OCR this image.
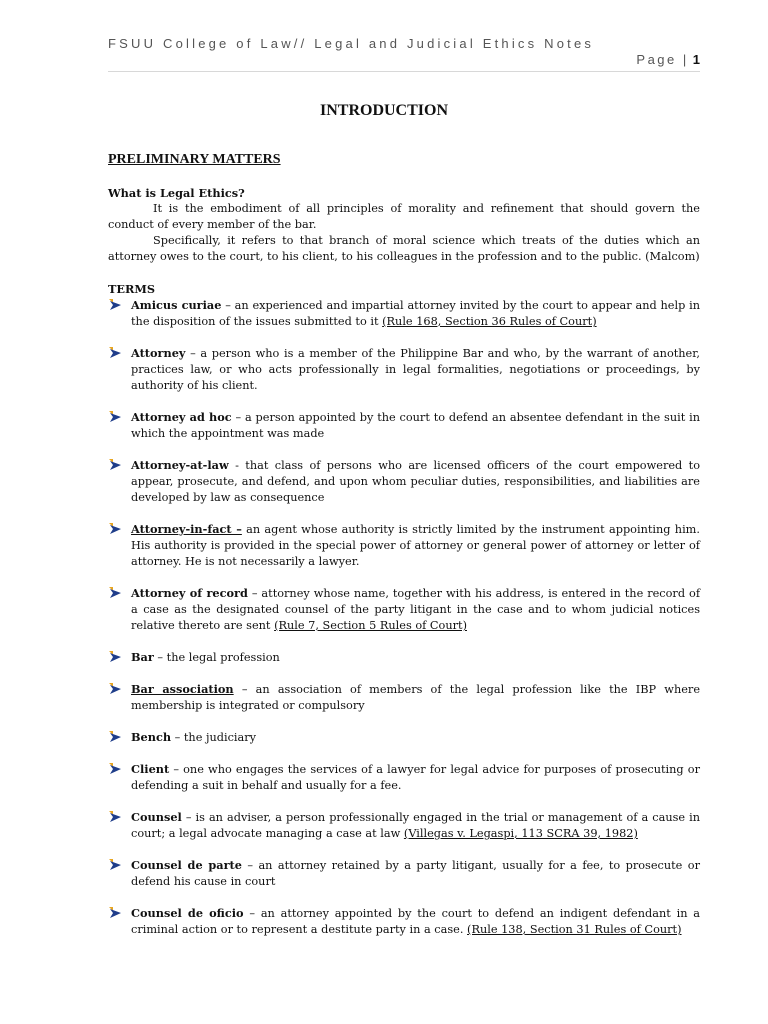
FSUU College of Law// Legal and Judicial Ethics Notes
Page | 1
INTRODUCTION
PRELIMINARY MATTERS

What is Legal Ethics?

It is the embodiment of all principles of morality and refinement that should govern the conduct of every member of the bar.

Specifically, it refers to that branch of moral science which treats of the duties which an attorney owes to the court, to his client, to his colleagues in the profession and to the public. (Malcom)

TERMS

Amicus curiae – an experienced and impartial attorney invited by the court to appear and help in the disposition of the issues submitted to it (Rule 168, Section 36 Rules of Court)
Attorney – a person who is a member of the Philippine Bar and who, by the warrant of another, practices law, or who acts professionally in legal formalities, negotiations or proceedings, by authority of his client.
Attorney ad hoc – a person appointed by the court to defend an absentee defendant in the suit in which the appointment was made
Attorney-at-law - that class of persons who are licensed officers of the court empowered to appear, prosecute, and defend, and upon whom peculiar duties, responsibilities, and liabilities are developed by law as consequence
Attorney-in-fact – an agent whose authority is strictly limited by the instrument appointing him. His authority is provided in the special power of attorney or general power of attorney or letter of attorney. He is not necessarily a lawyer.
Attorney of record – attorney whose name, together with his address, is entered in the record of a case as the designated counsel of the party litigant in the case and to whom judicial notices relative thereto are sent (Rule 7, Section 5 Rules of Court)
Bar – the legal profession
Bar association – an association of members of the legal profession like the IBP where membership is integrated or compulsory
Bench – the judiciary
Client – one who engages the services of a lawyer for legal advice for purposes of prosecuting or defending a suit in behalf and usually for a fee.
Counsel – is an adviser, a person professionally engaged in the trial or management of a cause in court; a legal advocate managing a case at law (Villegas v. Legaspi, 113 SCRA 39, 1982)
Counsel de parte – an attorney retained by a party litigant, usually for a fee, to prosecute or defend his cause in court
Counsel de oficio – an attorney appointed by the court to defend an indigent defendant in a criminal action or to represent a destitute party in a case. (Rule 138, Section 31 Rules of Court)
